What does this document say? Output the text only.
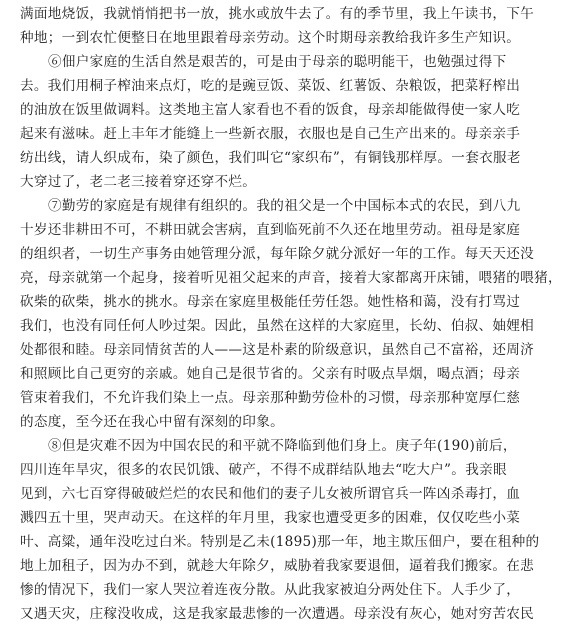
满面地烧饭，我就悄悄把书一放，挑水或放牛去了。有的季节里，我上午读书，下午
种地；一到农忙便整日在地里跟着母亲劳动。这个时期母亲教给我许多生产知识。
⑥佃户家庭的生活自然是艰苦的，可是由于母亲的聪明能干，也勉强过得下
去。我们用桐子榨油来点灯，吃的是豌豆饭、菜饭、红薯饭、杂粮饭，把菜籽榨出
的油放在饭里做调料。这类地主富人家看也不看的饭食，母亲却能做得使一家人吃
起来有滋味。赶上丰年才能缝上一些新衣服，衣服也是自己生产出来的。母亲亲手
纺出线，请人织成布，染了颜色，我们叫它“家织布”，有铜钱那样厚。一套衣服老
大穿过了，老二老三接着穿还穿不烂。
⑦勤劳的家庭是有规律有组织的。我的祖父是一个中国标本式的农民，到八九
十岁还非耕田不可，不耕田就会害病，直到临死前不久还在地里劳动。祖母是家庭
的组织者，一切生产事务由她管理分派，每年除夕就分派好一年的工作。每天天还没
亮，母亲就第一个起身，接着听见祖父起来的声音，接着大家都离开床铺，喂猪的喂猪，
砍柴的砍柴，挑水的挑水。母亲在家庭里极能任劳任怨。她性格和蔼，没有打骂过
我们，也没有同任何人吵过架。因此，虽然在这样的大家庭里，长幼、伯叔、妯娌相
处都很和睦。母亲同情贫苦的人——这是朴素的阶级意识，虽然自己不富裕，还周济
和照顾比自己更穷的亲戚。她自己是很节省的。父亲有时吸点旱烟，喝点酒；母亲
管束着我们，不允许我们染上一点。母亲那种勤劳俭朴的习惯，母亲那种宽厚仁慈
的态度，至今还在我心中留有深刻的印象。
⑧但是灾难不因为中国农民的和平就不降临到他们身上。庚子年(190)前后，
四川连年旱灾，很多的农民饥饿、破产，不得不成群结队地去“吃大户”。我亲眼
见到，六七百穿得破破烂烂的农民和他们的妻子儿女被所谓官兵一阵凶杀毒打，血
溅四五十里，哭声动天。在这样的年月里，我家也遭受更多的困难，仅仅吃些小菜
叶、高粱，通年没吃过白米。特别是乙未(1895)那一年，地主欺压佃户，要在租种的
地上加租子，因为办不到，就趁大年除夕，威胁着我家要退佃，逼着我们搬家。在悲
惨的情况下，我们一家人哭泣着连夜分散。从此我家被迫分两处住下。人手少了，
又遇天灾，庄稼没收成，这是我家最悲惨的一次遭遇。母亲没有灰心，她对穷苦农民
